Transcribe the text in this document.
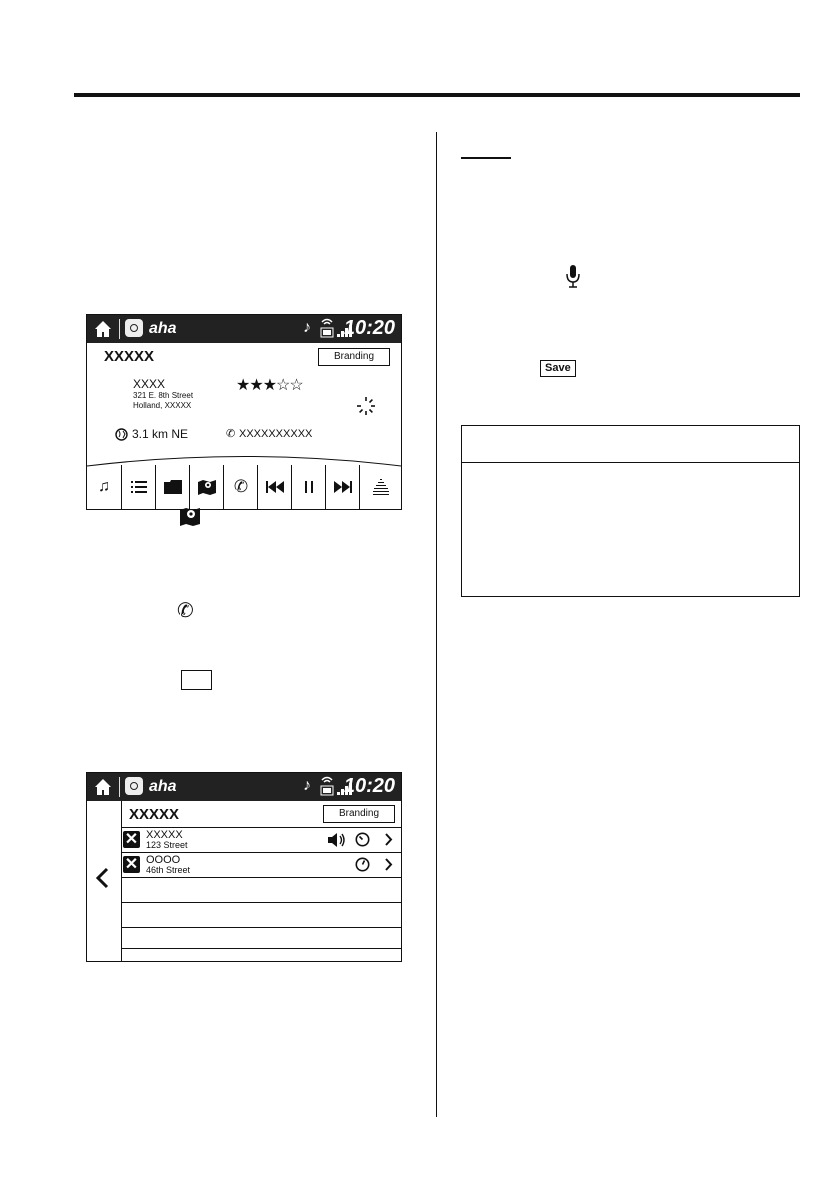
aha	♪ 10:20
XXXXX	Branding
XXXX
321 E. 8th Street
Holland, XXXXX
★★★☆☆
3.1 km NE	✆ XXXXXXXXXX
♫	✆
✆
aha	♪ 10:20
XXXXX	Branding
✕ XXXXX
123 Street
✕ OOOO
46th Street
Save
